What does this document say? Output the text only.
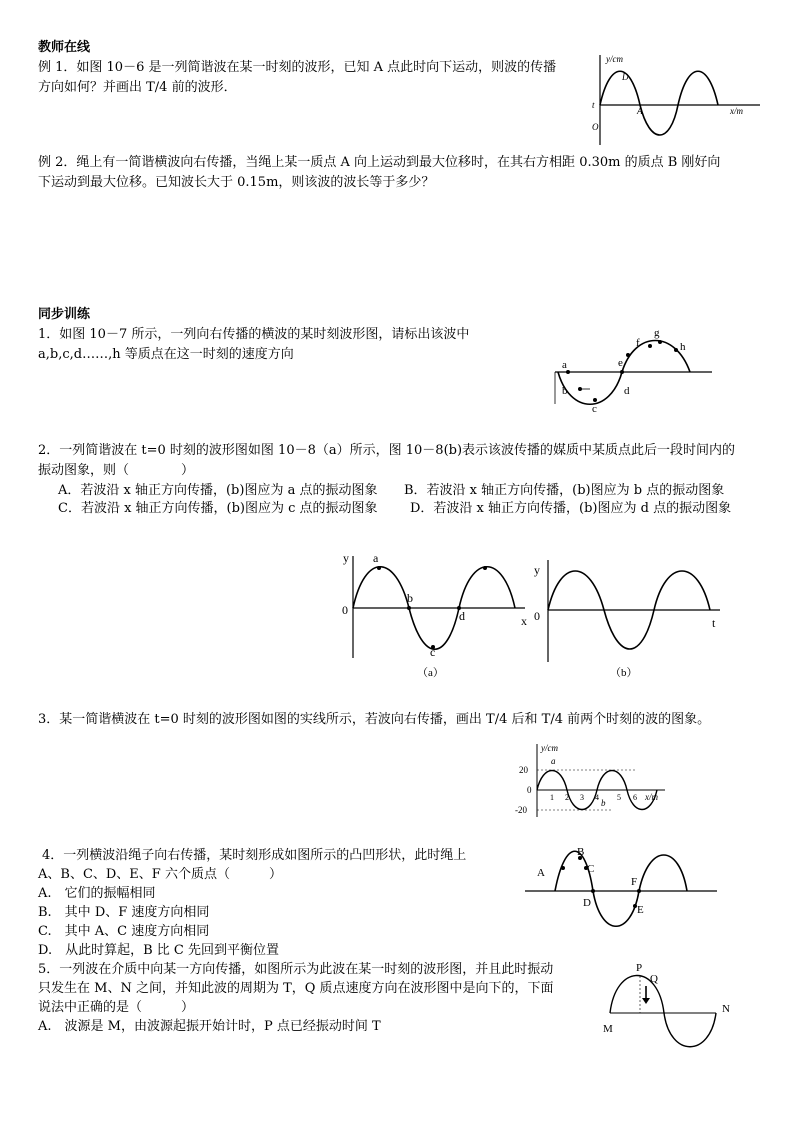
教师在线
例 1．如图 10－6 是一列简谐波在某一时刻的波形，已知 A 点此时向下运动，则波的传播
方向如何？并画出 T/4 前的波形．
y/cm
x/m
D
A
O
t
例 2．绳上有一简谐横波向右传播，当绳上某一质点 A 向上运动到最大位移时，在其右方相距 0.30m 的质点 B 刚好向
下运动到最大位移。已知波长大于 0.15m，则该波的波长等于多少？
同步训练
1．如图 10－7 所示，一列向右传播的横波的某时刻波形图，请标出该波中
a,b,c,d……,h 等质点在这一时刻的速度方向
a
b
c
d
e
f
g
h
2．一列简谐波在 t=0 时刻的波形图如图 10－8（a）所示，图 10－8(b)表示该波传播的媒质中某质点此后一段时间内的
振动图象，则（　　　　）
A．若波沿 x 轴正方向传播，(b)图应为 a 点的振动图象 B．若波沿 x 轴正方向传播，(b)图应为 b 点的振动图象
C．若波沿 x 轴正方向传播，(b)图应为 c 点的振动图象 D．若波沿 x 轴正方向传播，(b)图应为 d 点的振动图象
y
x
0
a
b
c
d
（a）
y
t
0
（b）
3．某一简谐横波在 t=0 时刻的波形图如图的实线所示，若波向右传播，画出 T/4 后和 T/4 前两个时刻的波的图象。
y/cm
x/m
20
-20
0
1 2 3 4 5 6
a
b
4．一列横波沿绳子向右传播，某时刻形成如图所示的凸凹形状，此时绳上
A、B、C、D、E、F 六个质点（　　　）
A.　它们的振幅相同
B.　其中 D、F 速度方向相同
C.　其中 A、C 速度方向相同
D.　从此时算起，B 比 C 先回到平衡位置
A
B
C
D
E
F
5．一列波在介质中向某一方向传播，如图所示为此波在某一时刻的波形图，并且此时振动
只发生在 M、N 之间，并知此波的周期为 T，Q 质点速度方向在波形图中是向下的，下面
说法中正确的是（　　　）
A.　波源是 M，由波源起振开始计时，P 点已经振动时间 T
P
Q
M
N
